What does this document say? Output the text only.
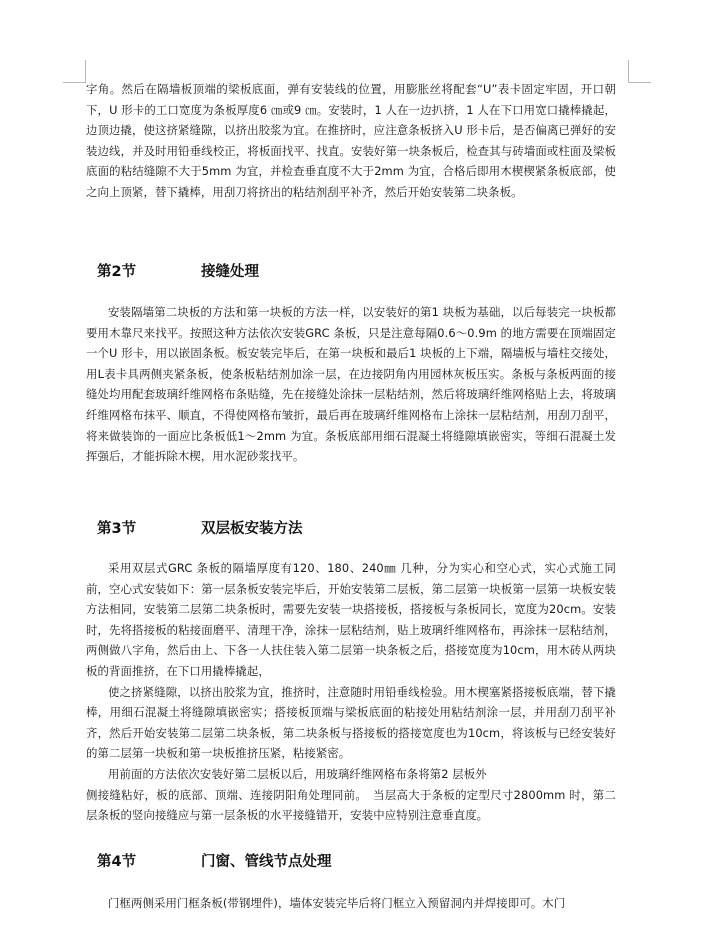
字角。然后在隔墙板顶端的梁板底面，弹有安装线的位置，用膨胀丝将配套“U”表卡固定牢固，开口朝下，U 形卡的工口宽度为条板厚度6 ㎝或9 ㎝。安装时，1 人在一边扒挤，1 人在下口用宽口撬棒撬起，边顶边撬，使这挤紧缝隙，以挤出胶浆为宜。在推挤时，应注意条板挤入U 形卡后，是否偏离已弹好的安装边线，并及时用铅垂线校正，将板面找平、找直。安装好第一块条板后，检查其与砖墙面或柱面及梁板底面的粘结缝隙不大于5mm 为宜，并检查垂直度不大于2mm 为宜，合格后即用木楔楔紧条板底部，使之向上顶紧，替下撬棒，用刮刀将挤出的粘结剂刮平补齐，然后开始安装第二块条板。

第2节	接缝处理

安装隔墙第二块板的方法和第一块板的方法一样，以安装好的第1 块板为基础，以后每装完一块板都要用木靠尺来找平。按照这种方法依次安装GRC 条板，只是注意每隔0.6～0.9m 的地方需要在顶端固定一个U 形卡，用以嵌固条板。板安装完毕后，在第一块板和最后1 块板的上下端，隔墙板与墙柱交接处，用L表卡具两侧夹紧条板，使条板粘结剂加涂一层，在边接阴角内用园林灰板压实。条板与条板两面的接缝处均用配套玻璃纤维网格布条贴缝，先在接缝处涂抹一层粘结剂，然后将玻璃纤维网格贴上去，将玻璃纤维网格布抹平、顺直，不得使网格布皱折，最后再在玻璃纤维网格布上涂抹一层粘结剂，用刮刀刮平，将来做装饰的一面应比条板低1～2mm 为宜。条板底部用细石混凝土将缝隙填嵌密实，等细石混凝土发挥强后，才能拆除木楔，用水泥砂浆找平。

第3节	双层板安装方法

采用双层式GRC 条板的隔墙厚度有120、180、240㎜ 几种，分为实心和空心式，实心式施工同前，空心式安装如下：第一层条板安装完毕后，开始安装第二层板，第二层第一块板第一层第一块板安装方法相同，安装第二层第二块条板时，需要先安装一块搭接板，搭接板与条板同长，宽度为20cm。安装时，先将搭接板的粘接面磨平、清理干净，涂抹一层粘结剂，贴上玻璃纤维网格布，再涂抹一层粘结剂，两侧做八字角，然后由上、下各一人扶住装入第二层第一块条板之后，搭接宽度为10cm，用木砖从两块板的背面推挤，在下口用撬棒撬起，

使之挤紧缝隙，以挤出胶浆为宜，推挤时，注意随时用铅垂线检验。用木楔塞紧搭接板底端，替下撬棒，用细石混凝土将缝隙填嵌密实；搭接板顶端与梁板底面的粘接处用粘结剂涂一层，并用刮刀刮平补齐，然后开始安装第二层第二块条板，第二块条板与搭接板的搭接宽度也为10cm，将该板与已经安装好的第二层第一块板和第一块板推挤压紧，粘接紧密。

用前面的方法依次安装好第二层板以后，用玻璃纤维网格布条将第2 层板外

侧接缝粘好，板的底部、顶端、连接阴阳角处理同前。　当层高大于条板的定型尺寸2800mm 时，第二层条板的竖向接缝应与第一层条板的水平接缝错开，安装中应特别注意垂直度。

第4节	门窗、管线节点处理

门框两侧采用门框条板(带钢埋件)，墙体安装完毕后将门框立入预留洞内并焊接即可。木门
